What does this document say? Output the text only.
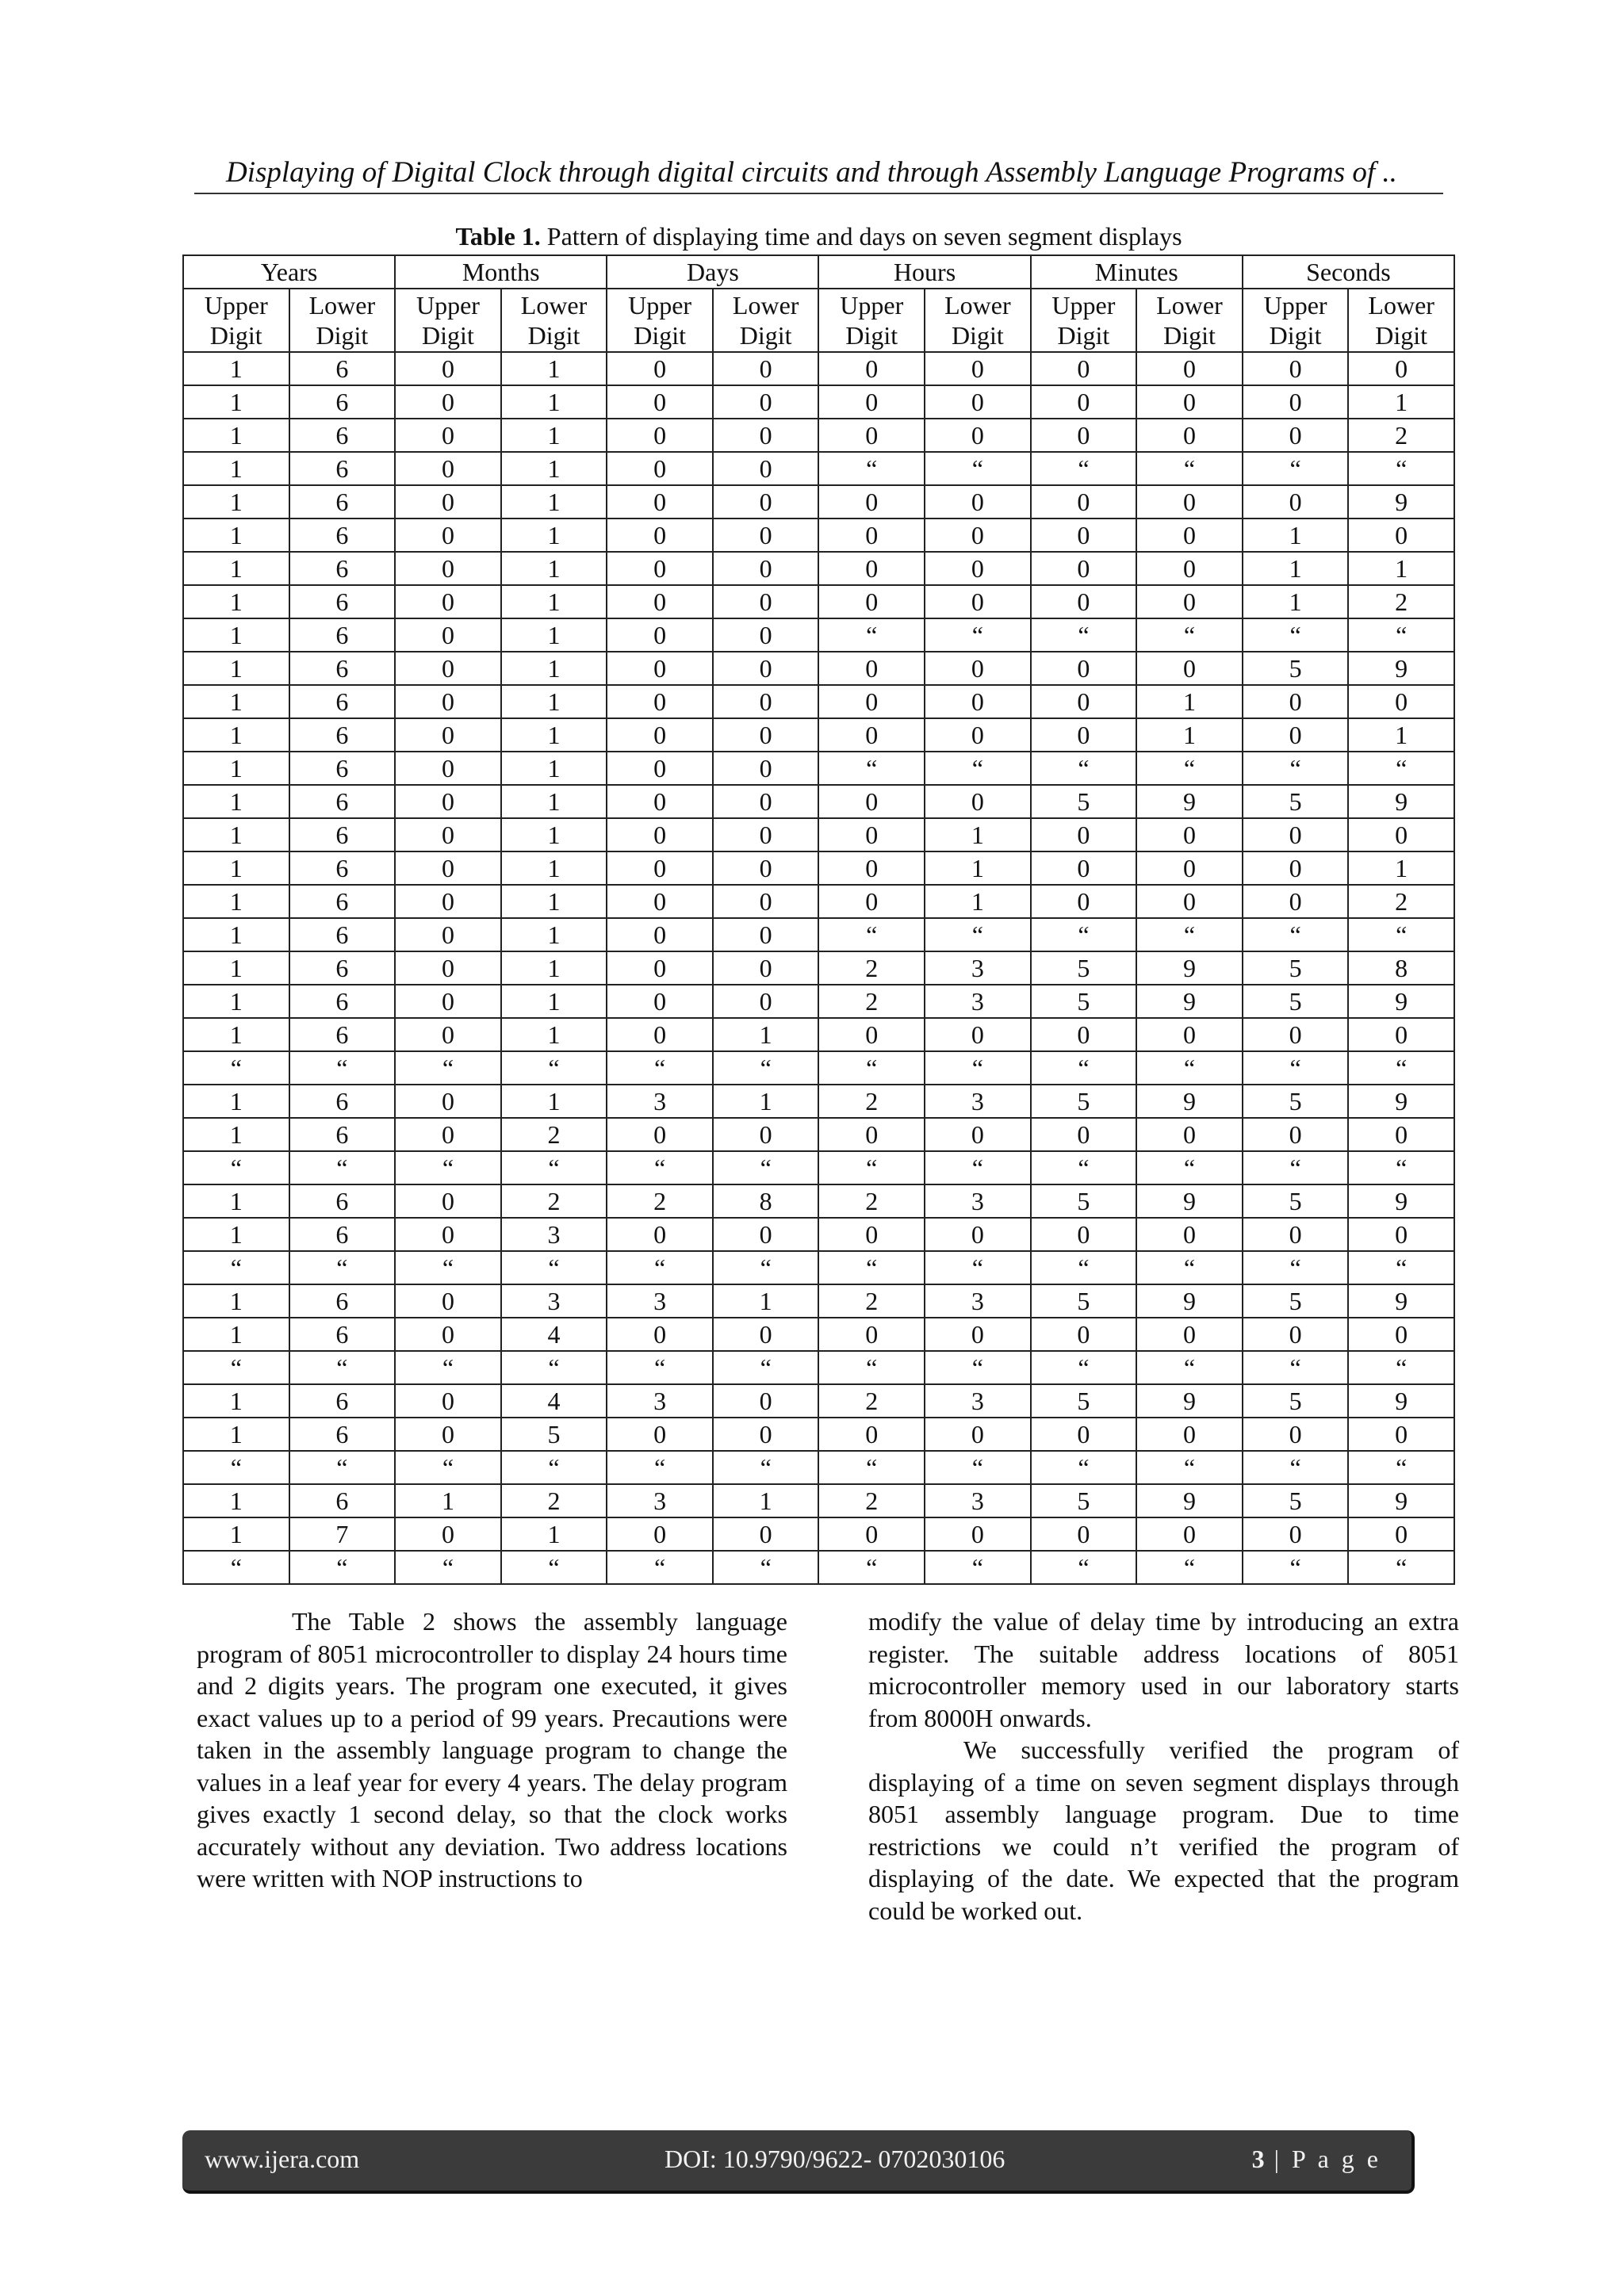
Displaying of Digital Clock through digital circuits and through Assembly Language Programs of ..
Table 1. Pattern of displaying time and days on seven segment displays
Years		Months		Days		Hours		Minutes		Seconds	
Upper Digit	Lower Digit	Upper Digit	Lower Digit	Upper Digit	Lower Digit	Upper Digit	Lower Digit	Upper Digit	Lower Digit	Upper Digit	Lower Digit
1	6	0	1	0	0	0	0	0	0	0	0
1	6	0	1	0	0	0	0	0	0	0	1
1	6	0	1	0	0	0	0	0	0	0	2
1	6	0	1	0	0	“	“	“	“	“	“
1	6	0	1	0	0	0	0	0	0	0	9
1	6	0	1	0	0	0	0	0	0	1	0
1	6	0	1	0	0	0	0	0	0	1	1
1	6	0	1	0	0	0	0	0	0	1	2
1	6	0	1	0	0	“	“	“	“	“	“
1	6	0	1	0	0	0	0	0	0	5	9
1	6	0	1	0	0	0	0	0	1	0	0
1	6	0	1	0	0	0	0	0	1	0	1
1	6	0	1	0	0	“	“	“	“	“	“
1	6	0	1	0	0	0	0	5	9	5	9
1	6	0	1	0	0	0	1	0	0	0	0
1	6	0	1	0	0	0	1	0	0	0	1
1	6	0	1	0	0	0	1	0	0	0	2
1	6	0	1	0	0	“	“	“	“	“	“
1	6	0	1	0	0	2	3	5	9	5	8
1	6	0	1	0	0	2	3	5	9	5	9
1	6	0	1	0	1	0	0	0	0	0	0
“	“	“	“	“	“	“	“	“	“	“	“
1	6	0	1	3	1	2	3	5	9	5	9
1	6	0	2	0	0	0	0	0	0	0	0
“	“	“	“	“	“	“	“	“	“	“	“
1	6	0	2	2	8	2	3	5	9	5	9
1	6	0	3	0	0	0	0	0	0	0	0
“	“	“	“	“	“	“	“	“	“	“	“
1	6	0	3	3	1	2	3	5	9	5	9
1	6	0	4	0	0	0	0	0	0	0	0
“	“	“	“	“	“	“	“	“	“	“	“
1	6	0	4	3	0	2	3	5	9	5	9
1	6	0	5	0	0	0	0	0	0	0	0
“	“	“	“	“	“	“	“	“	“	“	“
1	6	1	2	3	1	2	3	5	9	5	9
1	7	0	1	0	0	0	0	0	0	0	0
“	“	“	“	“	“	“	“	“	“	“	“

The Table 2 shows the assembly language program of 8051 microcontroller to display 24 hours time and 2 digits years. The program one executed, it gives exact values up to a period of 99 years. Precautions were taken in the assembly language program to change the values in a leaf year for every 4 years. The delay program gives exactly 1 second delay, so that the clock works accurately without any deviation. Two address locations were written with NOP instructions to

modify the value of delay time by introducing an extra register. The suitable address locations of 8051 microcontroller memory used in our laboratory starts from 8000H onwards.

We successfully verified the program of displaying of a time on seven segment displays through 8051 assembly language program. Due to time restrictions we could n’t verified the program of displaying of the date. We expected that the program could be worked out.

www.ijera.com	DOI: 10.9790/9622- 0702030106	3 | P a g e
